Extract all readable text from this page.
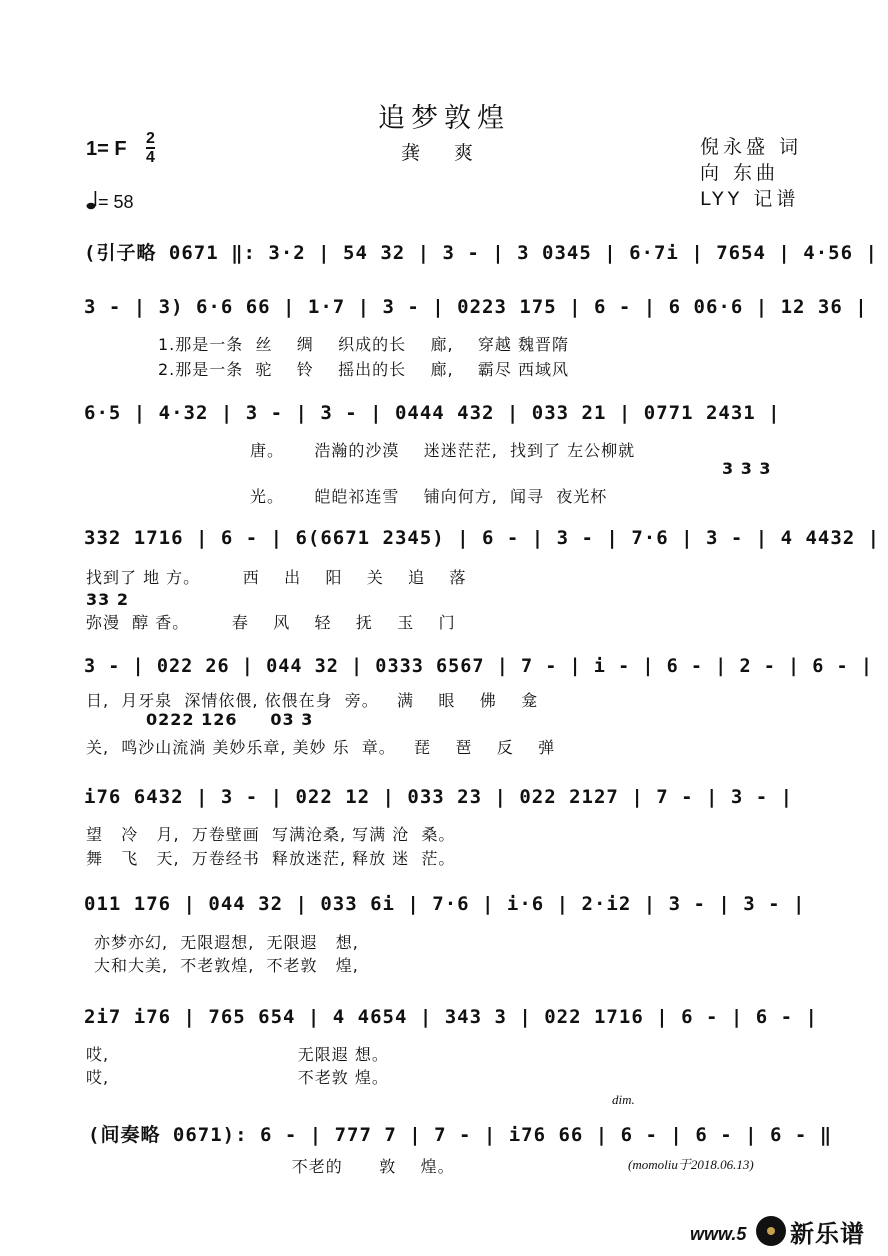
追梦敦煌
龚 爽
1= F 2
4	倪永盛 词
向 东曲
LYY 记谱
= 58
(引子略 0671 ‖: 3·2 | 54 32 | 3 - | 3 0345 | 6·7i | 7654 | 4·56 |
3 - | 3) 6·6 66 | 1·7 | 3 - | 0223 175 | 6 - | 6 06·6 | 12 36 |
1.那是一条  丝    绸    织成的长    廊,    穿越 魏晋隋
2.那是一条  驼    铃    摇出的长    廊,    霸尽 西域风
6·5 | 4·32 | 3 - | 3 - | 0444 432 | 033 21 | 0771 2431 |
唐。     浩瀚的沙漠    迷迷茫茫,  找到了 左公柳就
3 3 3
光。     皑皑祁连雪    铺向何方,  闻寻  夜光杯
332 1716 | 6 - | 6(6671 2345) | 6 - | 3 - | 7·6 | 3 - | 4 4432 |
找到了 地 方。       西    出    阳    关    追    落
33 2
弥漫  醇 香。       春    风    轻    抚    玉    门
3 - | 022 26 | 044 32 | 0333 6567 | 7 - | i - | 6 - | 2 - | 6 - |
日,  月牙泉  深情依偎, 依偎在身  旁。   满    眼    佛    龛
0222 126     03 3
关,  鸣沙山流淌 美妙乐章, 美妙 乐  章。   琵    琶    反    弹
i76 6432 | 3 - | 022 12 | 033 23 | 022 2127 | 7 - | 3 - |
望   冷   月,  万卷壁画  写满沧桑, 写满 沧  桑。
舞   飞   天,  万卷经书  释放迷茫, 释放 迷  茫。
011 176 | 044 32 | 033 6i | 7·6 | i·6 | 2·i2 | 3 - | 3 - |
亦梦亦幻,  无限遐想,  无限遐   想,
大和大美,  不老敦煌,  不老敦   煌,
2i7 i76 | 765 654 | 4 4654 | 343 3 | 022 1716 | 6 - | 6 - |
哎,                               无限遐 想。
哎,                               不老敦 煌。
dim.
(间奏略 0671): 6 - | 777 7 | 7 - | i76 66 | 6 - | 6 - | 6 - ‖
不老的      敦    煌。	(momoliu于2018.06.13)
www.5 新乐谱
